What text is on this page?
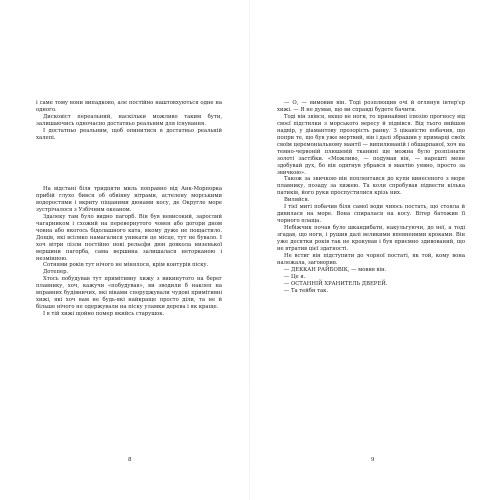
і саме тому вони випадково, але постійно наштовхуються одне на одного.

Дисковіст переальний, наскільки можливо таким бути, залишаючись одночасно достатньо реальним для існування.

І достатньо реальним, щоб опинитися в достатньо реальній халепі.

На відстані біля тридцяти миль поправно від Анк-Морпорка прибій глухо бився об обвіяну вітрами, астелену морськими водоростями і вкриту піщаними дюнами косу, де Округле море зустрічалося з Узбічним океаном.

Здалеку там було видно пагорб. Він був невисокий, зарослий чагарником і схожий на перевернутого човен або догори дном човна або якогось бідолашного ката, якому дуже не пощастило. Дощів, які всіляко намагалися уникати це місце, тут не бувало. І хоч вітри лізли постійно нові рельєфи дюн довкола низенької вершини пагорба, сама вершина залишалася неторканою і незмінною.

Сотнями років тут нічого не мінялося, крім контурів піску.

Дотепер.

Хтось побудував тут примітивну хижу з викинутого на берег плавнику, хоч, кажучи «побудував», ви зводили б наклеп на вправних будівничих, які віками споруджували чудові примітивні хижі, які хоч вам не будь-які найкраще просто діли, та не й більше нічого не одержували на піску уламки дерева і як краще.

І в тій хижі щойно помер якийсь старушок.

8

— О, — вимовив він. Тоді розплющив очі й оглянув інтер'єр хижі. — Я не думав, що ви справді будете бачити.

Тоді він звівся, якщо не ноги, то принаймні ілюзію прогносу від своєї підстилки з морського вересу й підвівся. Від тього вийшов надвір, у діамантову прозорість ранку. З цікавістю побачив, що попри те, що був уже мертвий, він і далі збрашив у примарці своїх своїм церемоніальному мантії — випилюваній і обшарпаної, хоч на темно-червоній плюшевій тканині ще можна було розпізнати золоті застібки. «Можливо, — подумав він, — нарешті мене здобувай дух, бо він одягнув убрався в мантію уявно, просто за звичкою».

Також за звичкою він поплентався до купи винесеного з моря плавнику, позаду за хижею. Та коли спробував підвести кілька патиків, його руки проспустилися крізь них.

Виляйся.

І тієї миті побачив біля самої води чиюсь постать, що стояла й дивилася на море. Вона спиралася на косу. Вітер батожив її чорного плаща.

Небіжчик почав було шкандибати, накульгуючи, до неї, а тоді згадав, що ноги, і рушив далі великими впевненими кроками. Він уже десятки років так не крокував і був приємно здивований, що не втратив цієї здатності.

Не встиг він підступити до чорної постаті, як той, кому вона належала, заговорив.

— ДЕККАН РАЙБОВІК, — мовив він.

— Це я.

— ОСТАННІЙ ХРАНИТЕЛЬ ДВЕРЕЙ.

— Та тейбн так.

9
